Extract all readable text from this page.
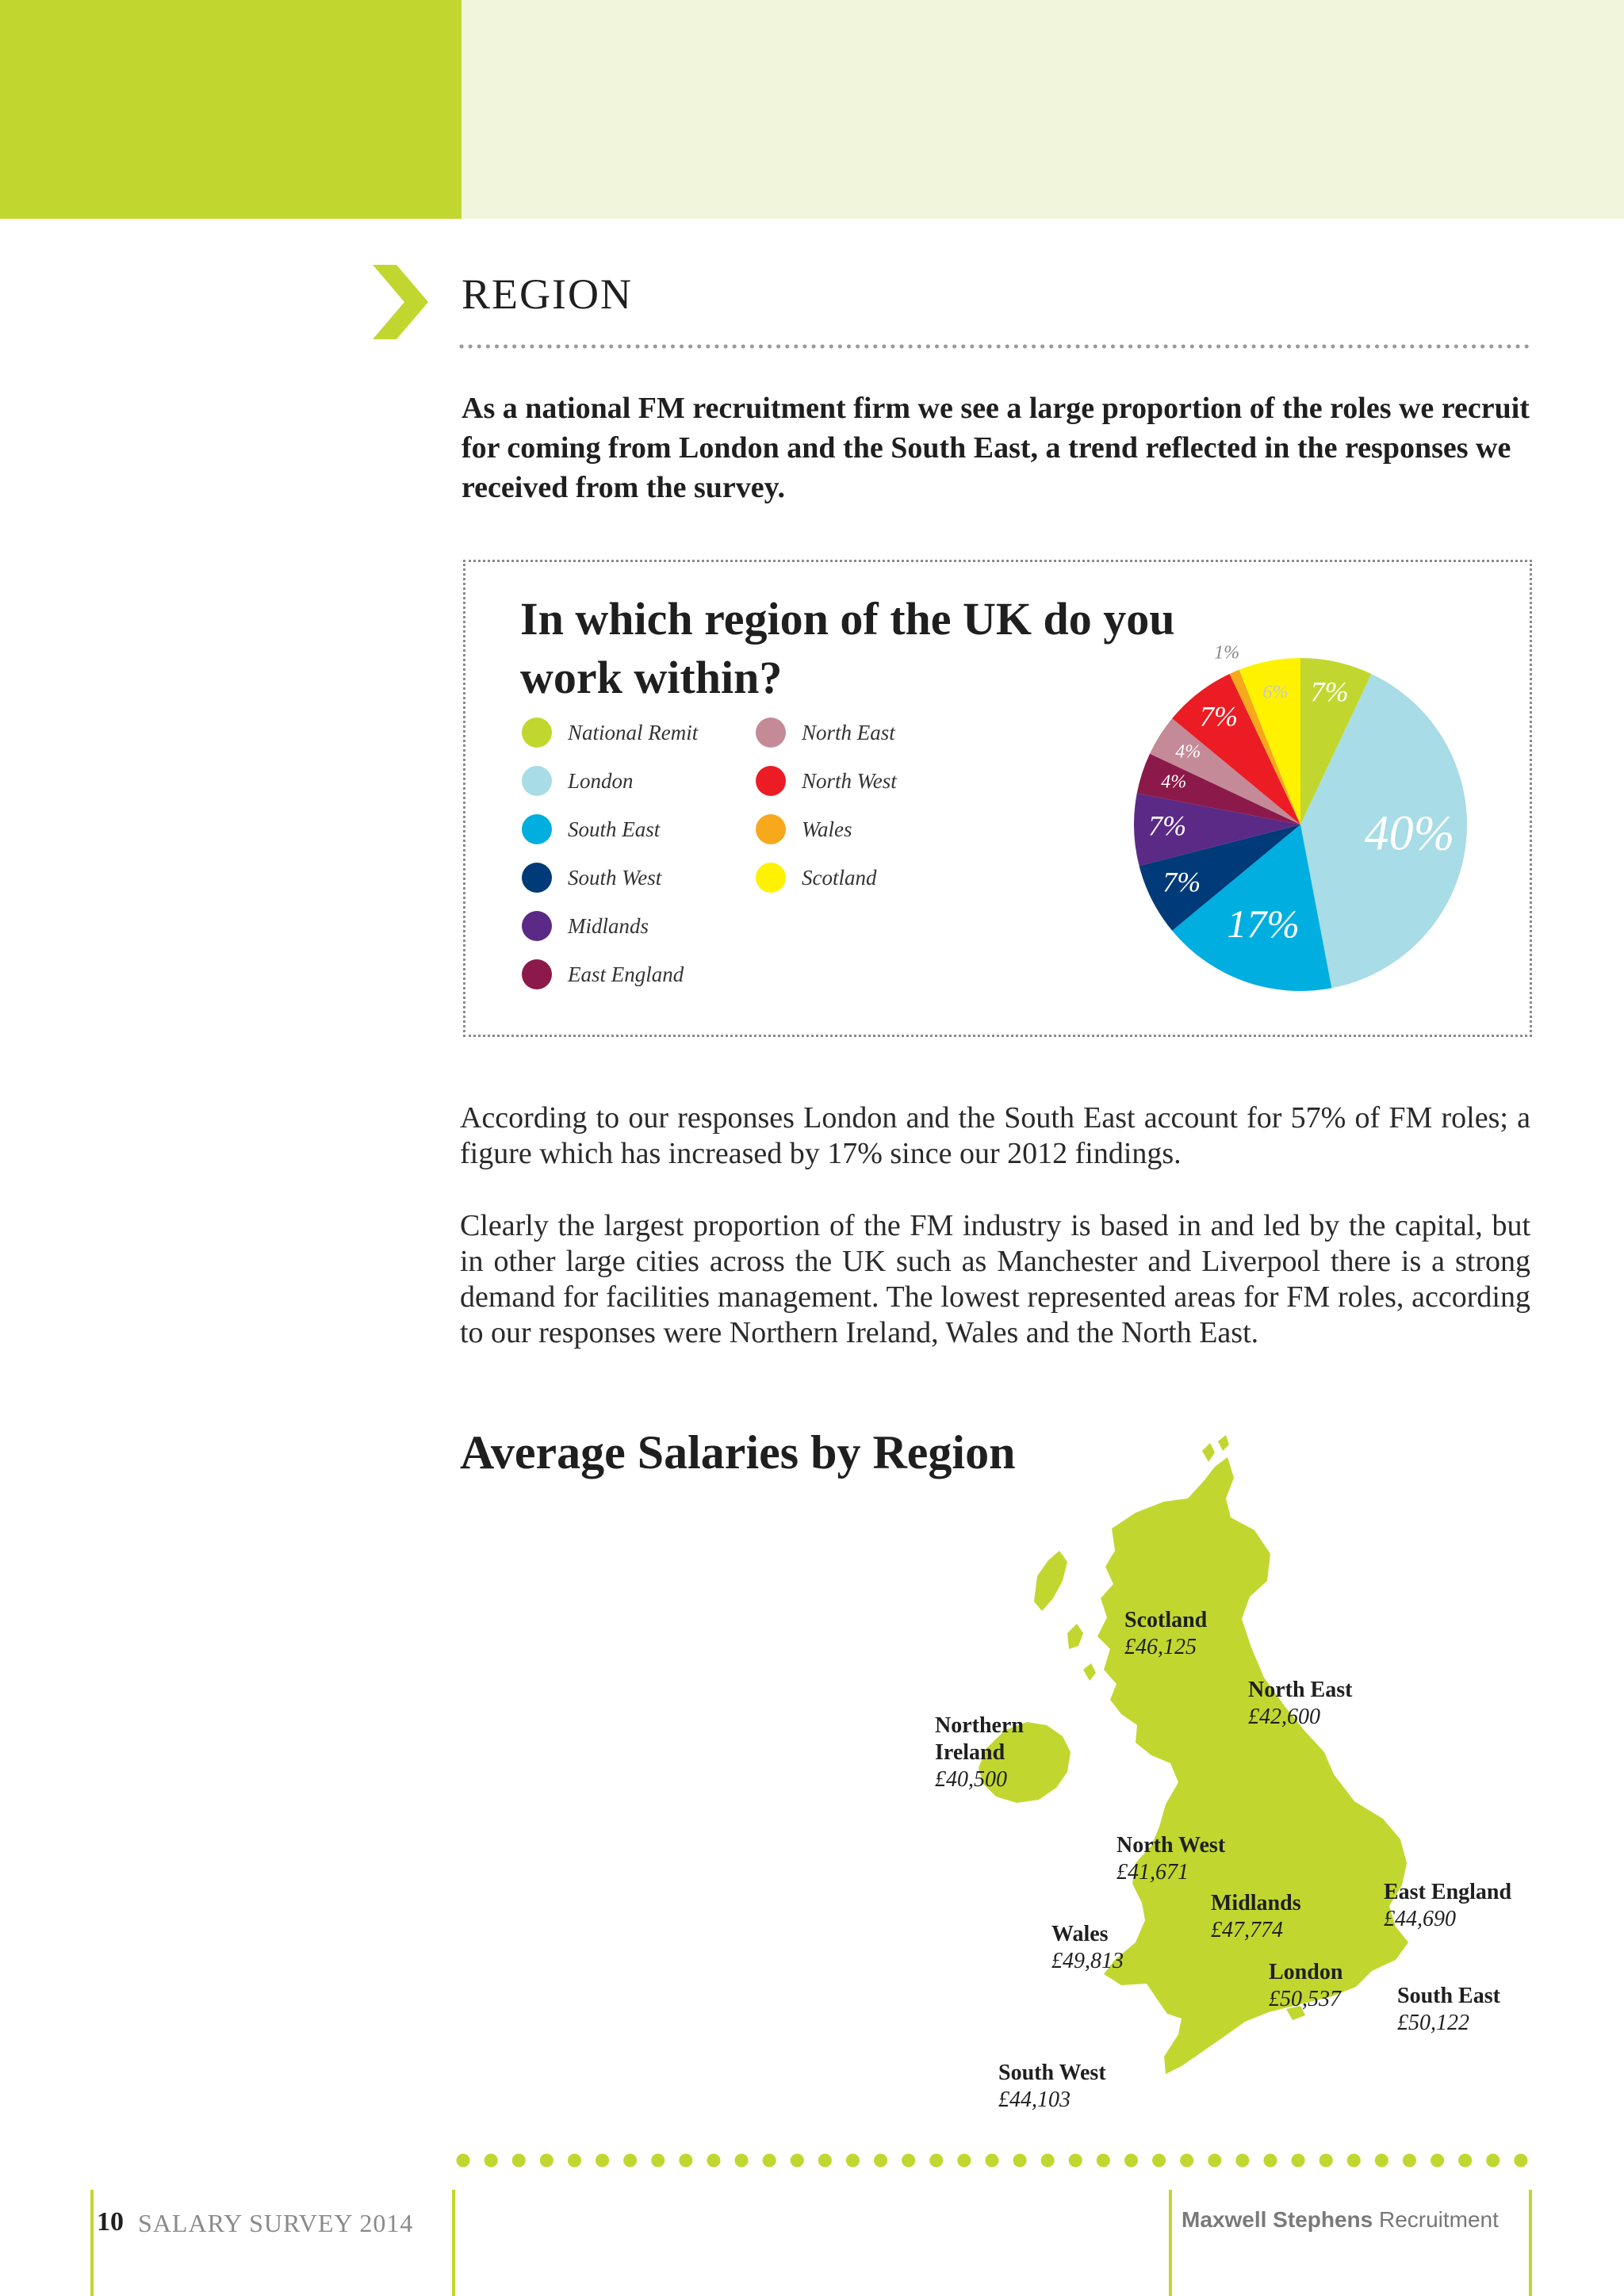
REGION
As a national FM recruitment firm we see a large proportion of the roles we recruit for coming from London and the South East, a trend reflected in the responses we received from the survey.
In which region of the UK do you work within?
National Remit
London
South East
South West
Midlands
East England
North East
North West
Wales
Scotland
7%
40%
17%
7%
7%
4%
4%
7%
1%
6%
According to our responses London and the South East account for 57% of FM roles; a figure which has increased by 17% since our 2012 findings.
Clearly the largest proportion of the FM industry is based in and led by the capital, but in other large cities across the UK such as Manchester and Liverpool there is a strong demand for facilities management. The lowest represented areas for FM roles, according to our responses were Northern Ireland, Wales and the North East.
Average Salaries by Region
Scotland
£46,125
North East
£42,600
Northern Ireland
£40,500
North West
£41,671
Midlands
£47,774
East England
£44,690
Wales
£49,813	London
£50,537	South East
£50,122
South West
£44,103
10 SALARY SURVEY 2014	Maxwell Stephens Recruitment
